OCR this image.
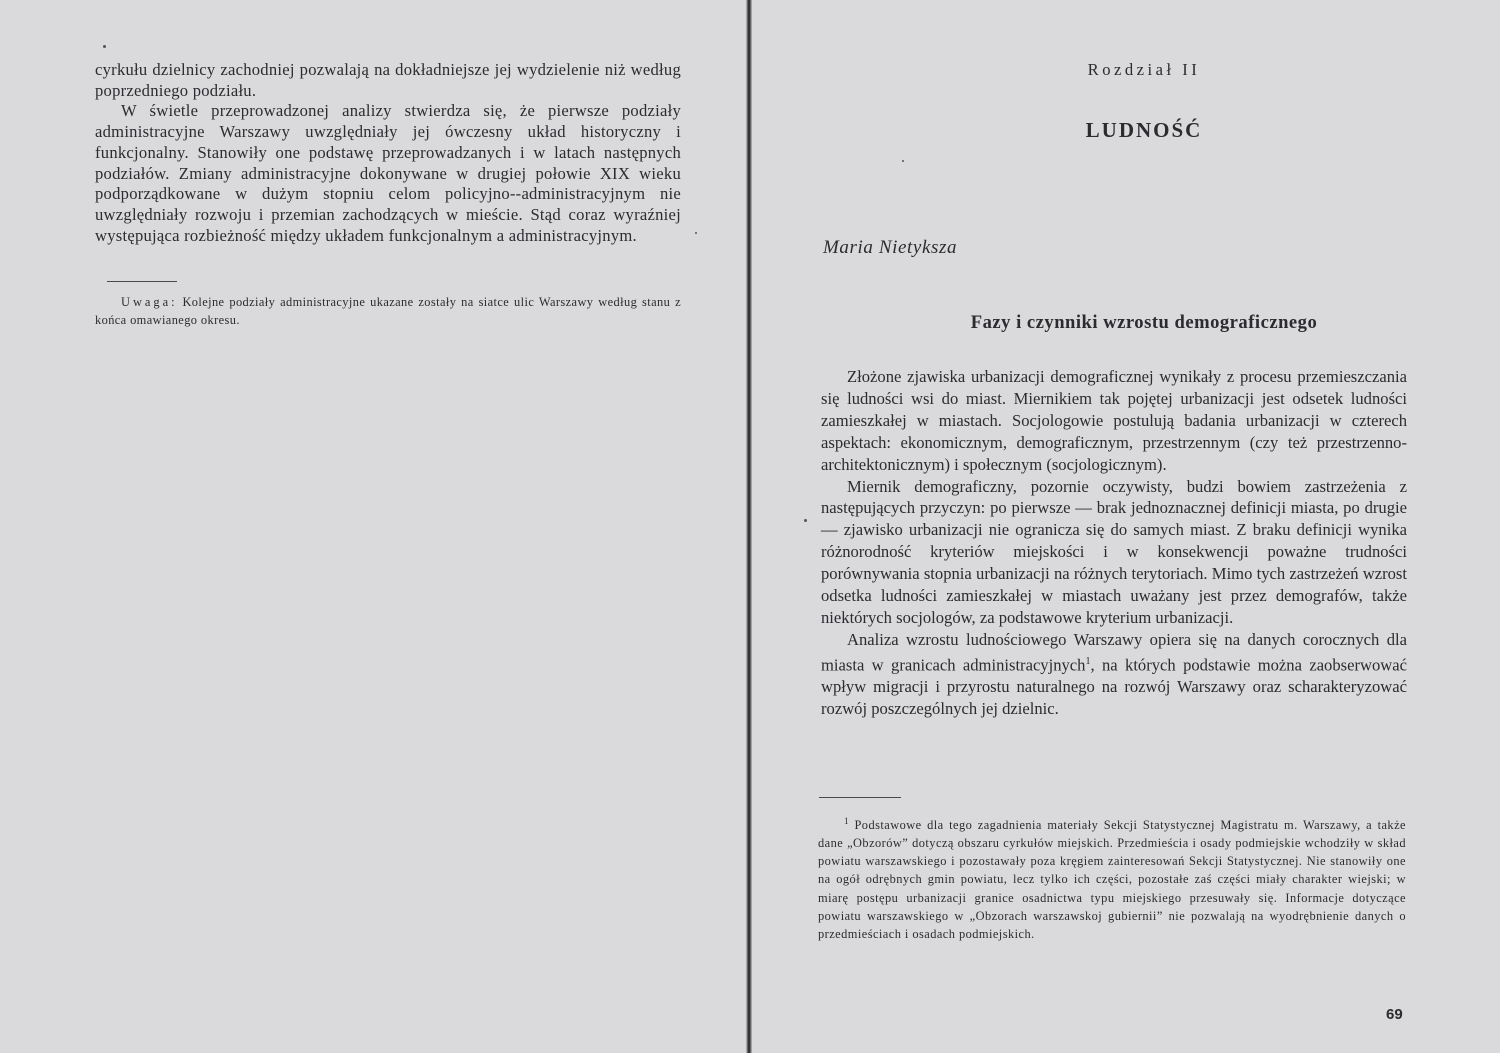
cyrkułu dzielnicy zachodniej pozwalają na dokładniejsze jej wydzielenie niż według poprzedniego podziału.

W świetle przeprowadzonej analizy stwierdza się, że pierwsze podziały administracyjne Warszawy uwzględniały jej ówczesny układ historyczny i funkcjonalny. Stanowiły one podstawę przeprowadzanych i w latach następnych podziałów. Zmiany administracyjne dokonywane w drugiej połowie XIX wieku podporządkowane w dużym stopniu celom policyjno--administracyjnym nie uwzględniały rozwoju i przemian zachodzących w mieście. Stąd coraz wyraźniej występująca rozbieżność między układem funkcjonalnym a administracyjnym.

Uwaga: Kolejne podziały administracyjne ukazane zostały na siatce ulic Warszawy według stanu z końca omawianego okresu.

Rozdział II
LUDNOŚĆ
Maria Nietyksza
Fazy i czynniki wzrostu demograficznego

Złożone zjawiska urbanizacji demograficznej wynikały z procesu przemieszczania się ludności wsi do miast. Miernikiem tak pojętej urbanizacji jest odsetek ludności zamieszkałej w miastach. Socjologowie postulują badania urbanizacji w czterech aspektach: ekonomicznym, demograficznym, przestrzennym (czy też przestrzenno-architektonicznym) i społecznym (socjologicznym).

Miernik demograficzny, pozornie oczywisty, budzi bowiem zastrzeżenia z następujących przyczyn: po pierwsze — brak jednoznacznej definicji miasta, po drugie — zjawisko urbanizacji nie ogranicza się do samych miast. Z braku definicji wynika różnorodność kryteriów miejskości i w konsekwencji poważne trudności porównywania stopnia urbanizacji na różnych terytoriach. Mimo tych zastrzeżeń wzrost odsetka ludności zamieszkałej w miastach uważany jest przez demografów, także niektórych socjologów, za podstawowe kryterium urbanizacji.

Analiza wzrostu ludnościowego Warszawy opiera się na danych corocznych dla miasta w granicach administracyjnych$^1$, na których podstawie można zaobserwować wpływ migracji i przyrostu naturalnego na rozwój Warszawy oraz scharakteryzować rozwój poszczególnych jej dzielnic.

$^1$ Podstawowe dla tego zagadnienia materiały Sekcji Statystycznej Magistratu m. Warszawy, a także dane „Obzorów” dotyczą obszaru cyrkułów miejskich. Przedmieścia i osady podmiejskie wchodziły w skład powiatu warszawskiego i pozostawały poza kręgiem zainteresowań Sekcji Statystycznej. Nie stanowiły one na ogół odrębnych gmin powiatu, lecz tylko ich części, pozostałe zaś części miały charakter wiejski; w miarę postępu urbanizacji granice osadnictwa typu miejskiego przesuwały się. Informacje dotyczące powiatu warszawskiego w „Obzorach warszawskoj gubiernii” nie pozwalają na wyodrębnienie danych o przedmieściach i osadach podmiejskich.

69
